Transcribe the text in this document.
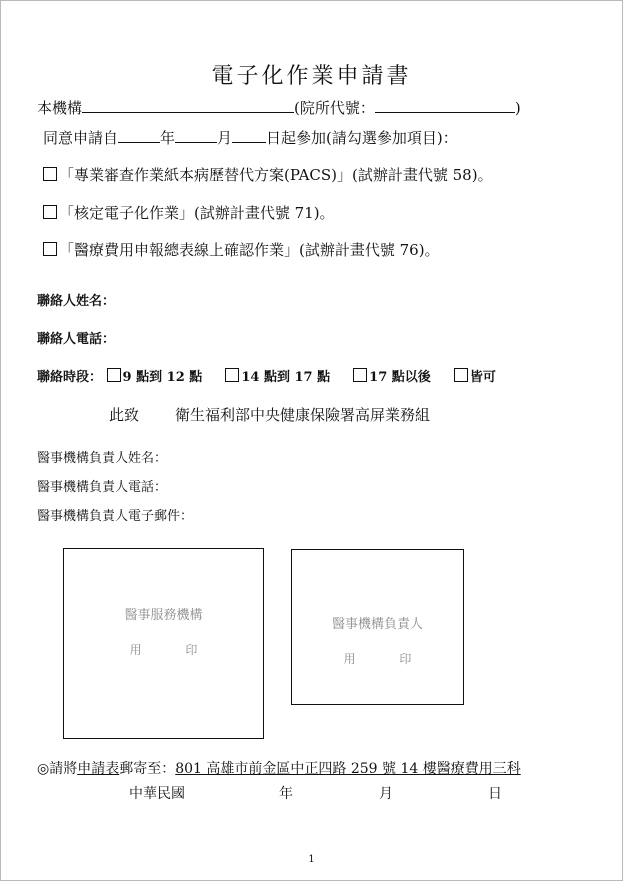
電子化作業申請書
本機構	(院所代號：	)
同意申請自	年	月 日起參加(請勾選參加項目)：
「專業審查作業紙本病歷替代方案(PACS)」(試辦計畫代號 58)。
「核定電子化作業」(試辦計畫代號 71)。
「醫療費用申報總表線上確認作業」(試辦計畫代號 76)。
聯絡人姓名：
聯絡人電話：
聯絡時段： 9 點到 12 點	14 點到 17 點	17 點以後	皆可
此致 衛生福利部中央健康保險署高屏業務組
醫事機構負責人姓名：
醫事機構負責人電話：
醫事機構負責人電子郵件：
醫事服務機構
用 印
醫事機構負責人
用 印
◎請將申請表郵寄至：801 高雄市前金區中正四路 259 號 14 樓醫療費用三科
中華民國	年	月	日
1
